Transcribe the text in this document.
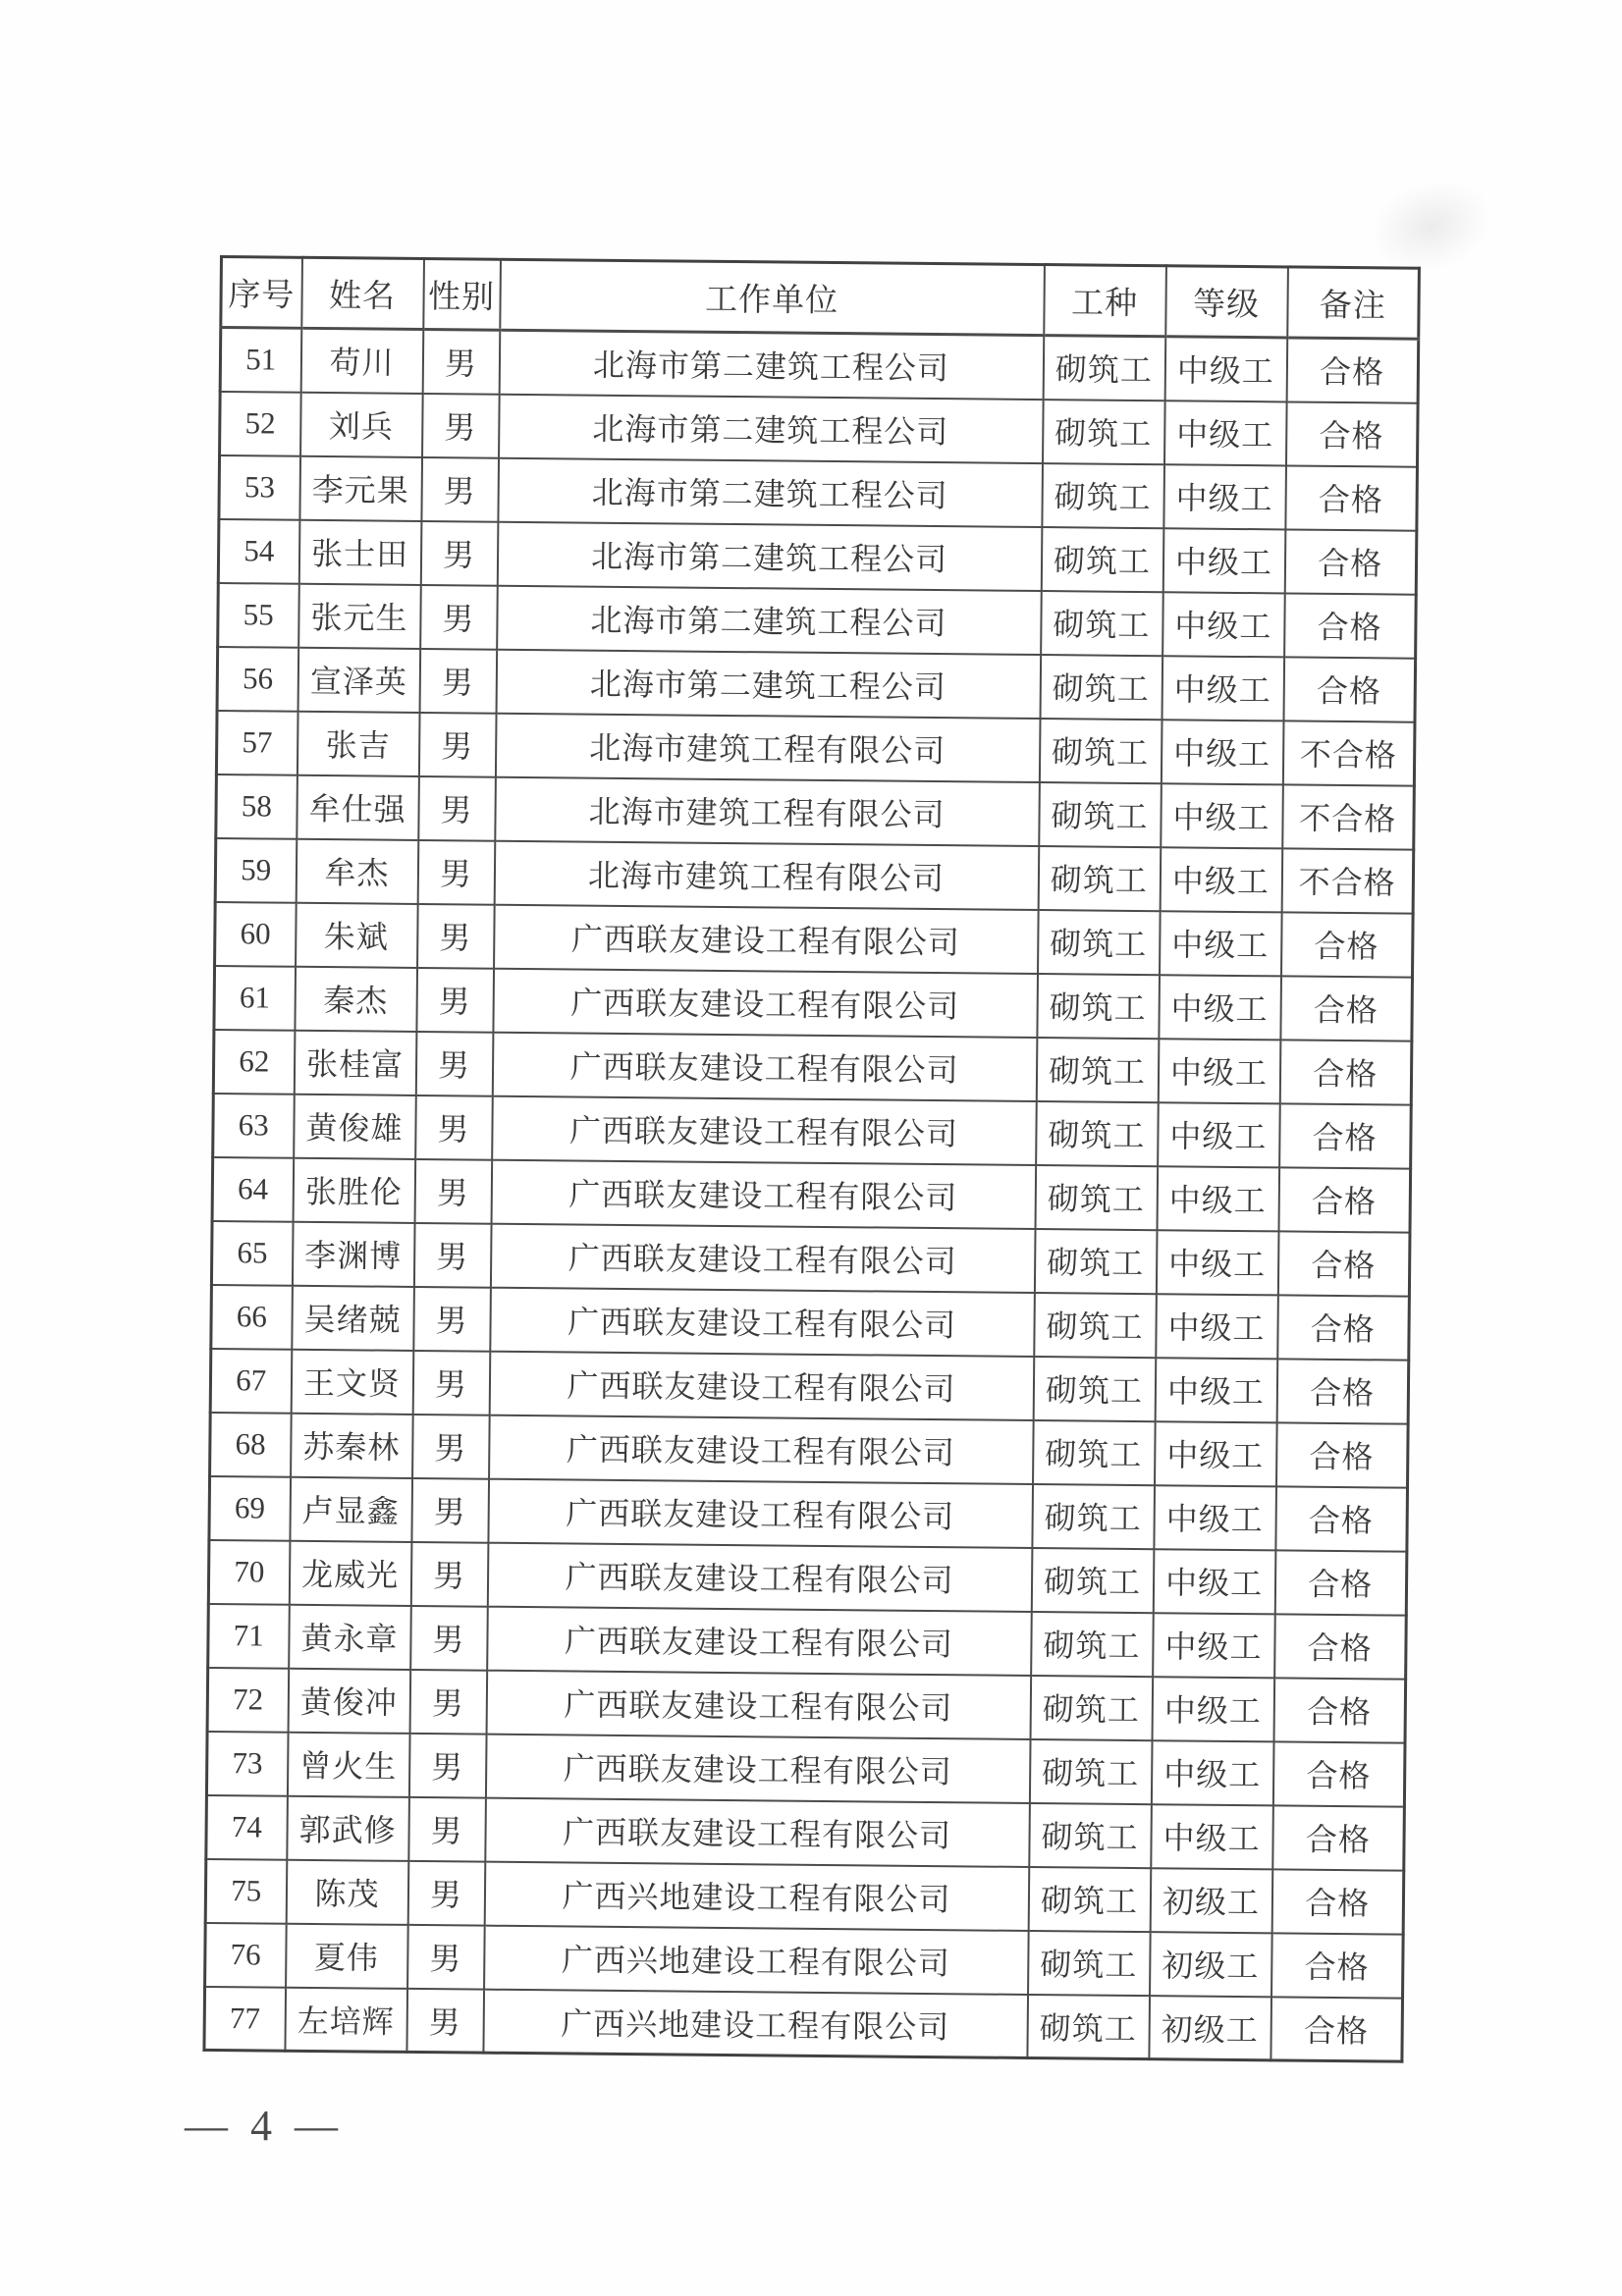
序号	姓名	性别	工作单位	工种	等级	备注
51	苟川	男	北海市第二建筑工程公司	砌筑工	中级工	合格
52	刘兵	男	北海市第二建筑工程公司	砌筑工	中级工	合格
53	李元果	男	北海市第二建筑工程公司	砌筑工	中级工	合格
54	张士田	男	北海市第二建筑工程公司	砌筑工	中级工	合格
55	张元生	男	北海市第二建筑工程公司	砌筑工	中级工	合格
56	宣泽英	男	北海市第二建筑工程公司	砌筑工	中级工	合格
57	张吉	男	北海市建筑工程有限公司	砌筑工	中级工	不合格
58	牟仕强	男	北海市建筑工程有限公司	砌筑工	中级工	不合格
59	牟杰	男	北海市建筑工程有限公司	砌筑工	中级工	不合格
60	朱斌	男	广西联友建设工程有限公司	砌筑工	中级工	合格
61	秦杰	男	广西联友建设工程有限公司	砌筑工	中级工	合格
62	张桂富	男	广西联友建设工程有限公司	砌筑工	中级工	合格
63	黄俊雄	男	广西联友建设工程有限公司	砌筑工	中级工	合格
64	张胜伦	男	广西联友建设工程有限公司	砌筑工	中级工	合格
65	李渊博	男	广西联友建设工程有限公司	砌筑工	中级工	合格
66	吴绪兢	男	广西联友建设工程有限公司	砌筑工	中级工	合格
67	王文贤	男	广西联友建设工程有限公司	砌筑工	中级工	合格
68	苏秦林	男	广西联友建设工程有限公司	砌筑工	中级工	合格
69	卢显鑫	男	广西联友建设工程有限公司	砌筑工	中级工	合格
70	龙威光	男	广西联友建设工程有限公司	砌筑工	中级工	合格
71	黄永章	男	广西联友建设工程有限公司	砌筑工	中级工	合格
72	黄俊冲	男	广西联友建设工程有限公司	砌筑工	中级工	合格
73	曾火生	男	广西联友建设工程有限公司	砌筑工	中级工	合格
74	郭武修	男	广西联友建设工程有限公司	砌筑工	中级工	合格
75	陈茂	男	广西兴地建设工程有限公司	砌筑工	初级工	合格
76	夏伟	男	广西兴地建设工程有限公司	砌筑工	初级工	合格
77	左培辉	男	广西兴地建设工程有限公司	砌筑工	初级工	合格
— 4 —
